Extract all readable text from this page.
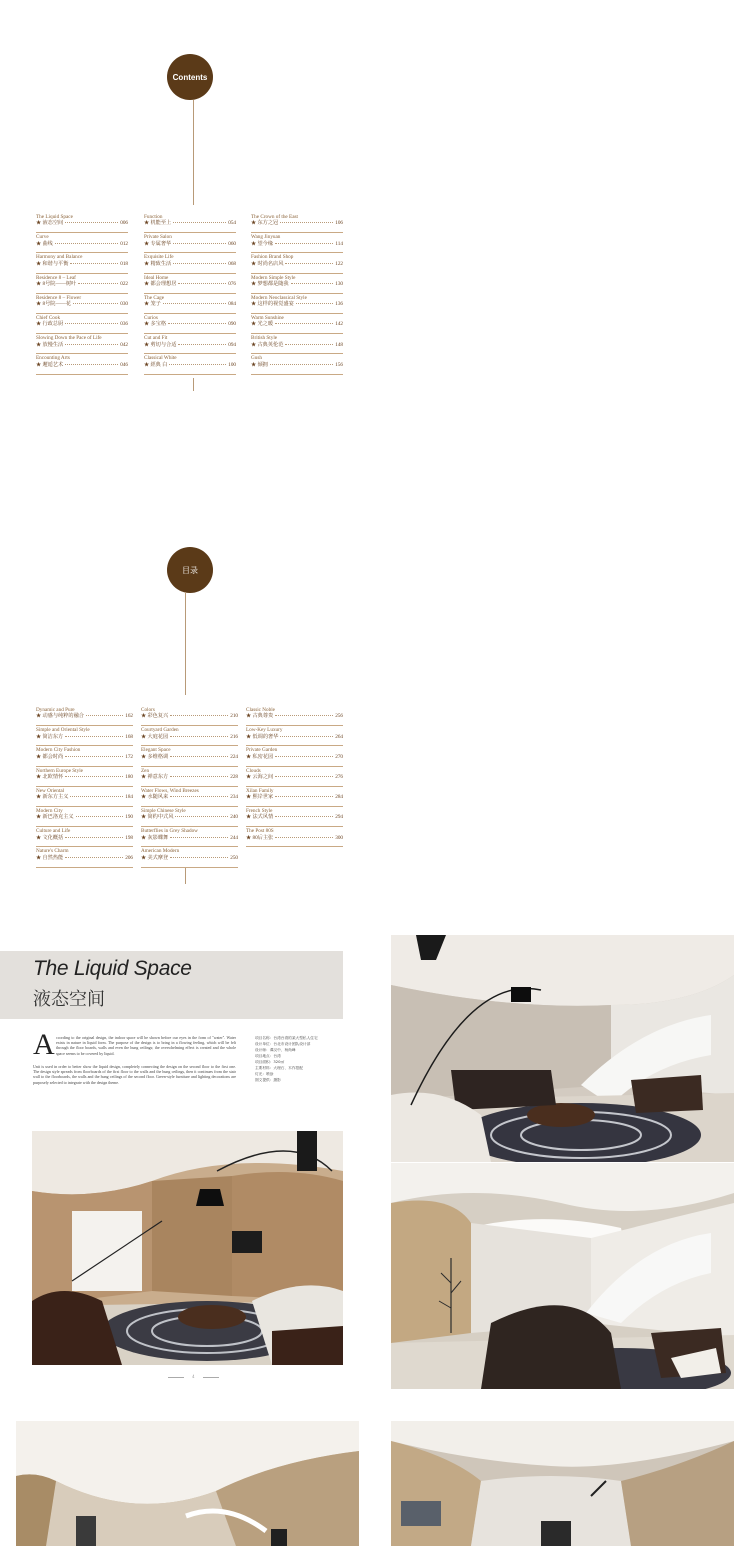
Contents
The Liquid Space
★ 液态空间	006
Curve
★ 曲线	012
Harmony and Balance
★ 和谐与平衡	018
Residence 8 – Leaf
★ 8号院——树叶	022
Residence 8 – Flower
★ 8号院——花	030
Chief Cook
★ 行政总厨	036
Slowing Down the Pace of Life
★ 放慢生活	042
Encounting Arts
★ 邂逅艺术	046
Function
★ 机能至上	054
Private Salon
★ 专属奢华	060
Exquisite Life
★ 精致生活	068
Ideal Home
★ 都会理想居	076
The Cage
★ 笼子	084
Curios
★ 多宝格	090
Cut and Fit
★ 剪切与合适	094
Classical White
★ 經典 白	100
The Crown of the East
★ 东方之冠	106
Wang Jinyuan
★ 望今缘	114
Fashion Brand Shop
★ 时尚名店风	122
Modern Simple Style
★ 梦想都是随我	130
Modern Neoclassical Style
★ 这样的视觉盛宴	136
Warm Sunshine
★ 光之暖	142
British Style
★ 古典英伦范	148
Gush
★ 倾拥	156
目录
Dynamic and Pure
★ 动感与纯粹的融合	162
Simple and Oriental Style
★ 简洁东方	168
Modern City Fashion
★ 都会时尚	172
Northern Europe Style
★ 北欧情怀	180
New Oriental
★ 新东方主义	184
Modern City
★ 新巴洛克主义	190
Culture and Life
★ 文化概括	198
Nature's Charm
★ 自然热能	206
Colors
★ 彩色复兴	210
Courtyard Garden
★ 大庭花园	216
Elegant Space
★ 多维格调	224
Zen
★ 禅意东方	228
Water Flows, Wind Breezes
★ 水随风来	234
Simple Chinese Style
★ 简约中式风	240
Butterflies in Grey Shadow
★ 灰影蝶舞	244
American Modern
★ 美式摩登	250
Classic Noble
★ 古典尊贵	256
Low-Key Luxury
★ 低调的奢华	264
Private Garden
★ 私密花园	270
Clouds
★ 云海之间	276
Xilan Family
★ 熙岸世家	284
French Style
★ 法式风情	294
The Post 80S
★ 80后主张	300
The Liquid Space
液态空间
A ccording to the original design, the indoor space will be shown before our eyes in the form of "water". Water exists in nature in liquid form. The purpose of the design is to bring in a flowing feeling, which will be felt through the floor boards, walls and even the hung ceilings; the overwhelming effect is created and the whole space seems to be covered by liquid.
Unit is used in order to better show the liquid design, completely connecting the design on the second floor to the first one. The design style spreads from floorboards of the first floor to the walls and the hung ceilings, then it continues from the stair wall to the floorboards, the walls and the hung ceilings of the second floor. Green-style furniture and lighting decorations are purposely selected to integrate with the design theme.
项目名称：台湾台湾的某大型私人住宅
设计单位：台北市设计团队设计部
设计师：谭汉中、杨尚峰
项目地点：台湾
项目面积：320㎡
主要材料：大理石、木作搭配
灯光：喷涂
图文提供：摄影
4
